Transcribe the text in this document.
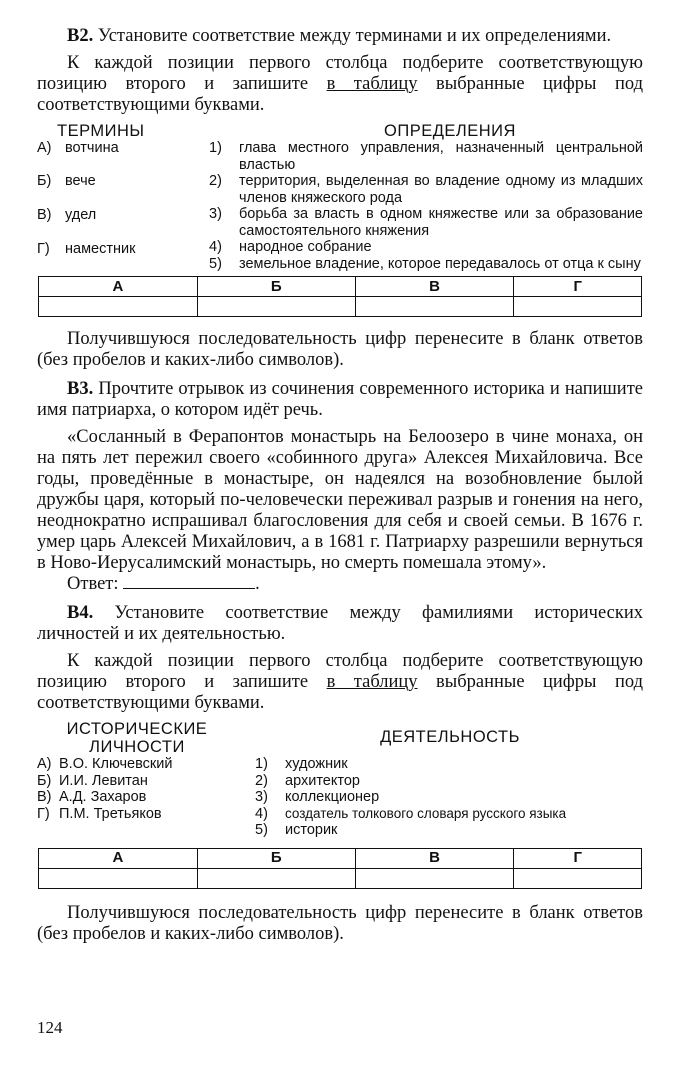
B2. Установите соответствие между терминами и их определениями.

К каждой позиции первого столбца подберите соответствующую позицию второго и запишите в таблицу выбранные цифры под соответствующими буквами.

ТЕРМИНЫ	ОПРЕДЕЛЕНИЯ
А) вотчина
Б) вече
В) удел
Г)	наместник
1)	глава местного управления, назначенный центральной властью
2)	территория, выделенная во владение одному из младших членов княжеского рода
3)	борьба за власть в одном княжестве или за образование самостоятельного княжения
4)	народное собрание
5)	земельное владение, которое передавалось от отца к сыну
А	Б	В	Г

Получившуюся последовательность цифр перенесите в бланк ответов (без пробелов и каких-либо символов).

B3. Прочтите отрывок из сочинения современного историка и напишите имя патриарха, о котором идёт речь.

«Сосланный в Ферапонтов монастырь на Белоозеро в чине монаха, он на пять лет пережил своего «собинного друга» Алексея Михайловича. Все годы, проведённые в монастыре, он надеялся на возобновление былой дружбы царя, который по-человечески переживал разрыв и гонения на него, неоднократно испрашивал благословения для себя и своей семьи. В 1676 г. умер царь Алексей Михайлович, а в 1681 г. Патриарху разрешили вернуться в Ново-Иерусалимский монастырь, но смерть помешала этому».

Ответ:	.

B4. Установите соответствие между фамилиями исторических личностей и их деятельностью.

К каждой позиции первого столбца подберите соответствующую позицию второго и запишите в таблицу выбранные цифры под соответствующими буквами.

ИСТОРИЧЕСКИЕ
ЛИЧНОСТИ
ДЕЯТЕЛЬНОСТЬ
А) В.О. Ключевский
Б) И.И. Левитан
В) А.Д. Захаров
Г) П.М. Третьяков
1)	художник
2)	архитектор
3)	коллекционер
4)	создатель толкового словаря русского языка
5)	историк
А	Б	В	Г

Получившуюся последовательность цифр перенесите в бланк ответов (без пробелов и каких-либо символов).

124
